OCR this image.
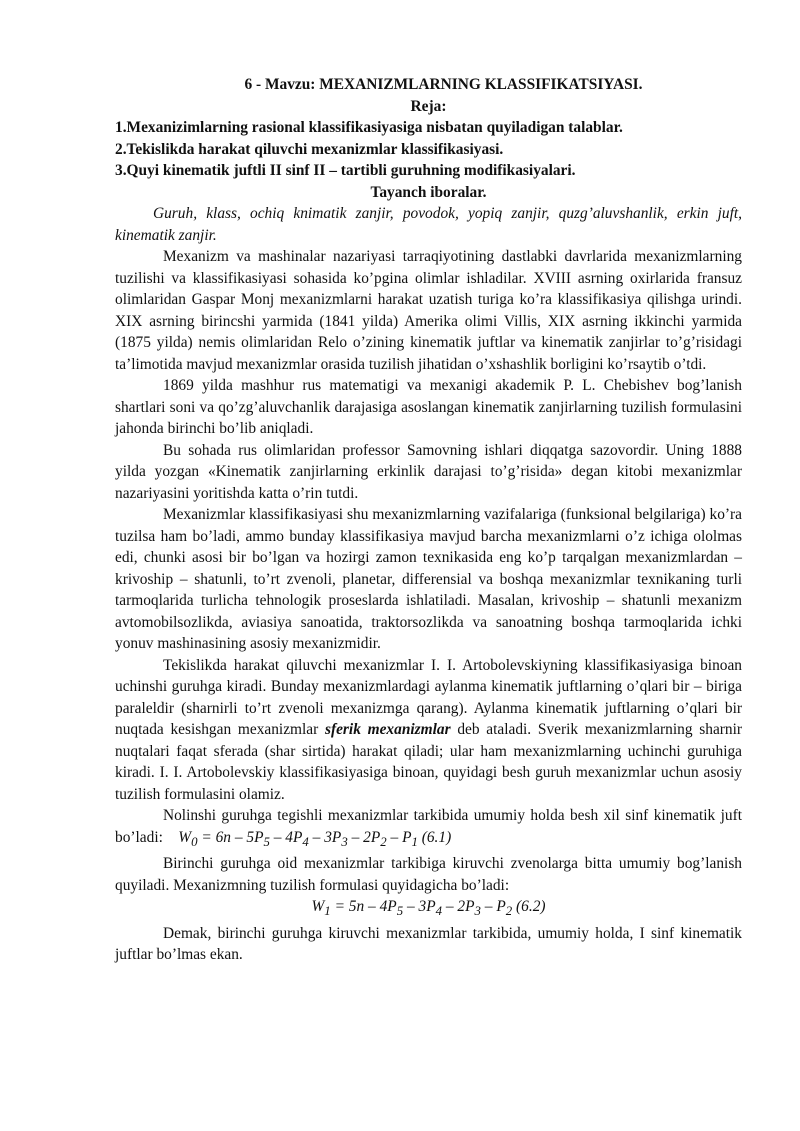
6 - Mavzu: MEXANIZMLARNING KLASSIFIKATSIYASI.
Reja:
1.Mexanizimlarning rasional klassifikasiyasiga nisbatan quyiladigan talablar.
2.Tekislikda harakat qiluvchi mexanizmlar klassifikasiyasi.
3.Quyi kinematik juftli II sinf II – tartibli guruhning modifikasiyalari.
Tayanch iboralar.
Guruh, klass, ochiq knimatik zanjir, povodok, yopiq zanjir, quzg’aluvshanlik, erkin juft, kinematik zanjir.

Mexanizm va mashinalar nazariyasi tarraqiyotining dastlabki davrlarida mexanizmlarning tuzilishi va klassifikasiyasi sohasida ko’pgina olimlar ishladilar. XVIII asrning oxirlarida fransuz olimlaridan Gaspar Monj mexanizmlarni harakat uzatish turiga ko’ra klassifikasiya qilishga urindi. XIX asrning birincshi yarmida (1841 yilda) Amerika olimi Villis, XIX asrning ikkinchi yarmida (1875 yilda) nemis olimlaridan Relo o’zining kinematik juftlar va kinematik zanjirlar to’g’risidagi ta’limotida mavjud mexanizmlar orasida tuzilish jihatidan o’xshashlik borligini ko’rsaytib o’tdi.

1869 yilda mashhur rus matematigi va mexanigi akademik P. L. Chebishev bog’lanish shartlari soni va qo’zg’aluvchanlik darajasiga asoslangan kinematik zanjirlarning tuzilish formulasini jahonda birinchi bo’lib aniqladi.

Bu sohada rus olimlaridan professor Samovning ishlari diqqatga sazovordir. Uning 1888 yilda yozgan «Kinematik zanjirlarning erkinlik darajasi to’g’risida» degan kitobi mexanizmlar nazariyasini yoritishda katta o’rin tutdi.

Mexanizmlar klassifikasiyasi shu mexanizmlarning vazifalariga (funksional belgilariga) ko’ra tuzilsa ham bo’ladi, ammo bunday klassifikasiya mavjud barcha mexanizmlarni o’z ichiga ololmas edi, chunki asosi bir bo’lgan va hozirgi zamon texnikasida eng ko’p tarqalgan mexanizmlardan – krivoship – shatunli, to’rt zvenoli, planetar, differensial va boshqa mexanizmlar texnikaning turli tarmoqlarida turlicha tehnologik proseslarda ishlatiladi. Masalan, krivoship – shatunli mexanizm avtomobilsozlikda, aviasiya sanoatida, traktorsozlikda va sanoatning boshqa tarmoqlarida ichki yonuv mashinasining asosiy mexanizmidir.

Tekislikda harakat qiluvchi mexanizmlar I. I. Artobolevskiyning klassifikasiyasiga binoan uchinshi guruhga kiradi. Bunday mexanizmlardagi aylanma kinematik juftlarning o’qlari bir – biriga paraleldir (sharnirli to’rt zvenoli mexanizmga qarang). Aylanma kinematik juftlarning o’qlari bir nuqtada kesishgan mexanizmlar sferik mexanizmlar deb ataladi. Sverik mexanizmlarning sharnir nuqtalari faqat sferada (shar sirtida) harakat qiladi; ular ham mexanizmlarning uchinchi guruhiga kiradi. I. I. Artobolevskiy klassifikasiyasiga binoan, quyidagi besh guruh mexanizmlar uchun asosiy tuzilish formulasini olamiz.

Nolinshi guruhga tegishli mexanizmlar tarkibida umumiy holda besh xil sinf kinematik juft bo’ladi: $W_0 = 6n - 5P_5 - 4P_4 - 3P_3 - 2P_2 - P_1$ (6.1)

Birinchi guruhga oid mexanizmlar tarkibiga kiruvchi zvenolarga bitta umumiy bog’lanish quyiladi. Mexanizmning tuzilish formulasi quyidagicha bo’ladi:

$W_1 = 5n - 4P_5 - 3P_4 - 2P_3 - P_2$ (6.2)

Demak, birinchi guruhga kiruvchi mexanizmlar tarkibida, umumiy holda, I sinf kinematik juftlar bo’lmas ekan.
